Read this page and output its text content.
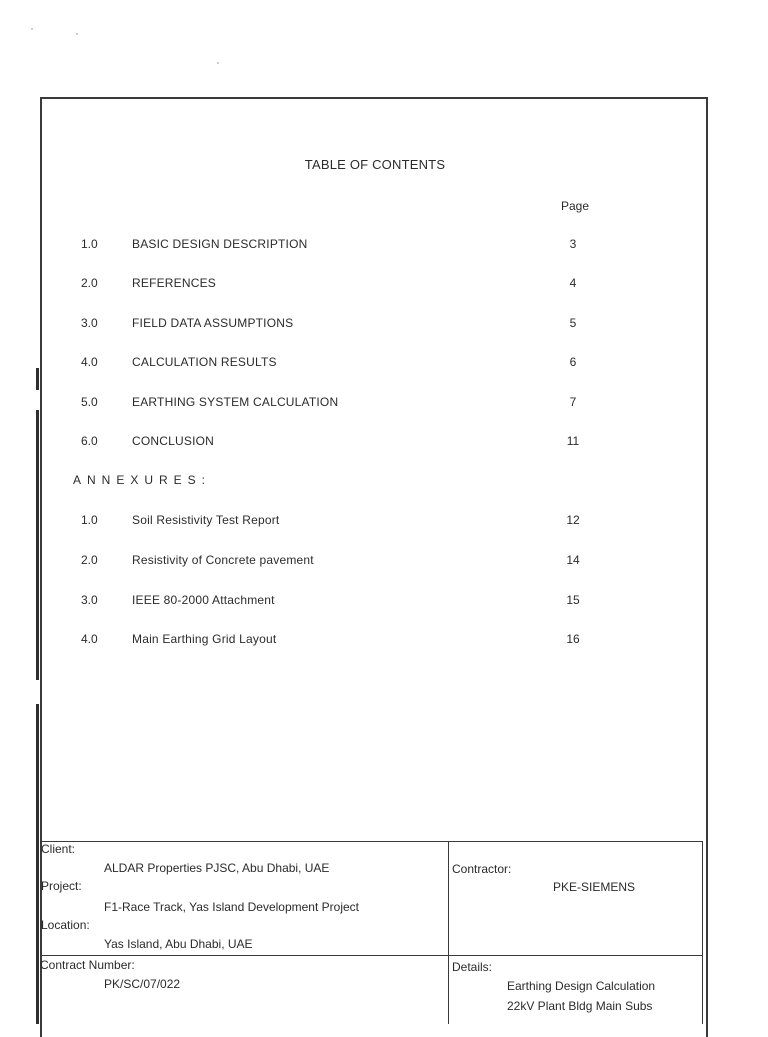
TABLE OF CONTENTS
Page
1.0	BASIC DESIGN DESCRIPTION	3
2.0	REFERENCES	4
3.0	FIELD DATA ASSUMPTIONS	5
4.0	CALCULATION RESULTS	6
5.0	EARTHING SYSTEM CALCULATION	7
6.0	CONCLUSION	11
ANNEXURES:
1.0	Soil Resistivity Test Report	12
2.0	Resistivity of Concrete pavement	14
3.0	IEEE 80-2000 Attachment	15
4.0	Main Earthing Grid Layout	16
Client:
ALDAR Properties PJSC, Abu Dhabi, UAE
Project:
F1-Race Track, Yas Island Development Project
Location:
Yas Island, Abu Dhabi, UAE
Contractor:
PKE-SIEMENS
Contract Number:
PK/SC/07/022
Details:
Earthing Design Calculation
22kV Plant Bldg Main Subs
